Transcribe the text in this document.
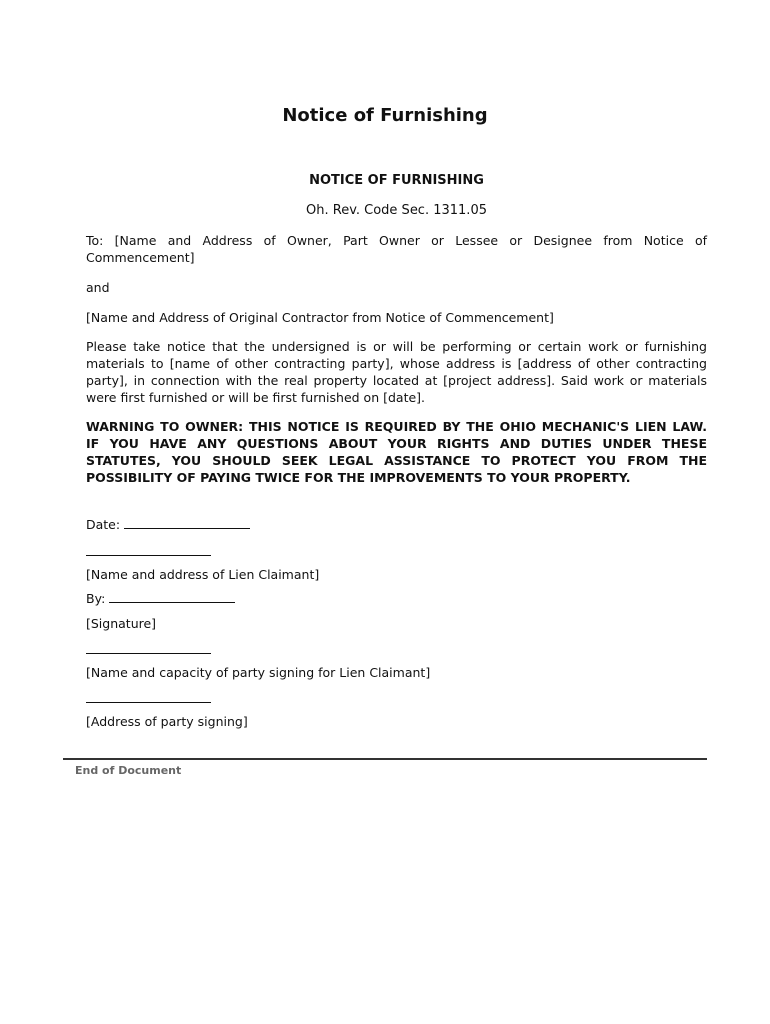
Notice of Furnishing
NOTICE OF FURNISHING
Oh. Rev. Code Sec. 1311.05
To: [Name and Address of Owner, Part Owner or Lessee or Designee from Notice of Commencement]
and
[Name and Address of Original Contractor from Notice of Commencement]
Please take notice that the undersigned is or will be performing or certain work or furnishing materials to [name of other contracting party], whose address is [address of other contracting party], in connection with the real property located at [project address]. Said work or materials were first furnished or will be first furnished on [date].
WARNING TO OWNER: THIS NOTICE IS REQUIRED BY THE OHIO MECHANIC'S LIEN LAW. IF YOU HAVE ANY QUESTIONS ABOUT YOUR RIGHTS AND DUTIES UNDER THESE STATUTES, YOU SHOULD SEEK LEGAL ASSISTANCE TO PROTECT YOU FROM THE POSSIBILITY OF PAYING TWICE FOR THE IMPROVEMENTS TO YOUR PROPERTY.
Date:
[Name and address of Lien Claimant]
By:
[Signature]
[Name and capacity of party signing for Lien Claimant]
[Address of party signing]
End of Document
